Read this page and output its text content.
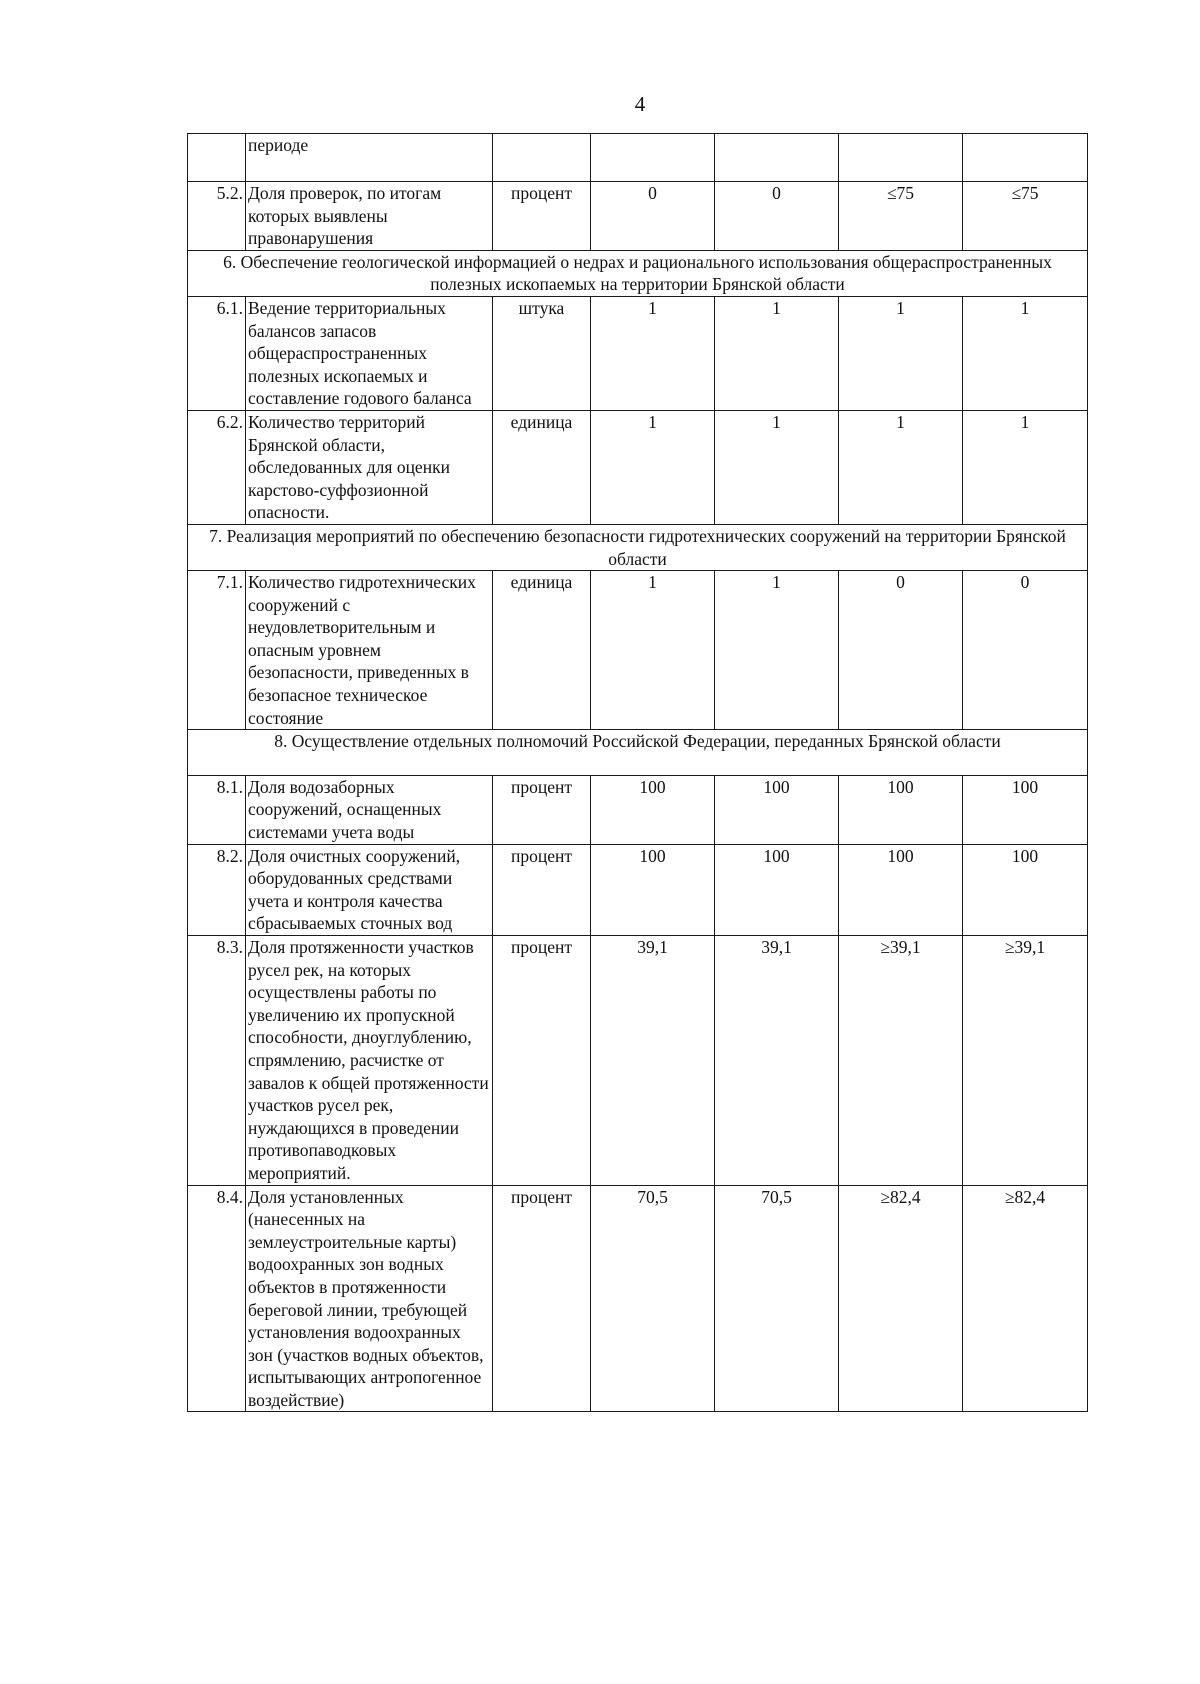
4
	периоде					
5.2.	Доля проверок, по итогам которых выявлены правонарушения	процент	0	0	≤75	≤75
6. Обеспечение геологической информацией о недрах и рационального использования общераспространенных полезных ископаемых на территории Брянской области						
6.1.	Ведение территориальных балансов запасов общераспространенных полезных ископаемых и составление годового баланса	штука	1	1	1	1
6.2.	Количество территорий Брянской области, обследованных для оценки карстово-суффозионной опасности.	единица	1	1	1	1
7. Реализация мероприятий по обеспечению безопасности гидротехнических сооружений на территории Брянской области						
7.1.	Количество гидротехнических сооружений с неудовлетворительным и опасным уровнем безопасности, приведенных в безопасное техническое состояние	единица	1	1	0	0
8. Осуществление отдельных полномочий Российской Федерации, переданных Брянской области						
8.1.	Доля водозаборных сооружений, оснащенных системами учета воды	процент	100	100	100	100
8.2.	Доля очистных сооружений, оборудованных средствами учета и контроля качества сбрасываемых сточных вод	процент	100	100	100	100
8.3.	Доля протяженности участков русел рек, на которых осуществлены работы по увеличению их пропускной способности, дноуглублению, спрямлению, расчистке от завалов к общей протяженности участков русел рек, нуждающихся в проведении противопаводковых мероприятий.	процент	39,1	39,1	≥39,1	≥39,1
8.4.	Доля установленных (нанесенных на землеустроительные карты) водоохранных зон водных объектов в протяженности береговой линии, требующей установления водоохранных зон (участков водных объектов, испытывающих антропогенное воздействие)	процент	70,5	70,5	≥82,4	≥82,4
